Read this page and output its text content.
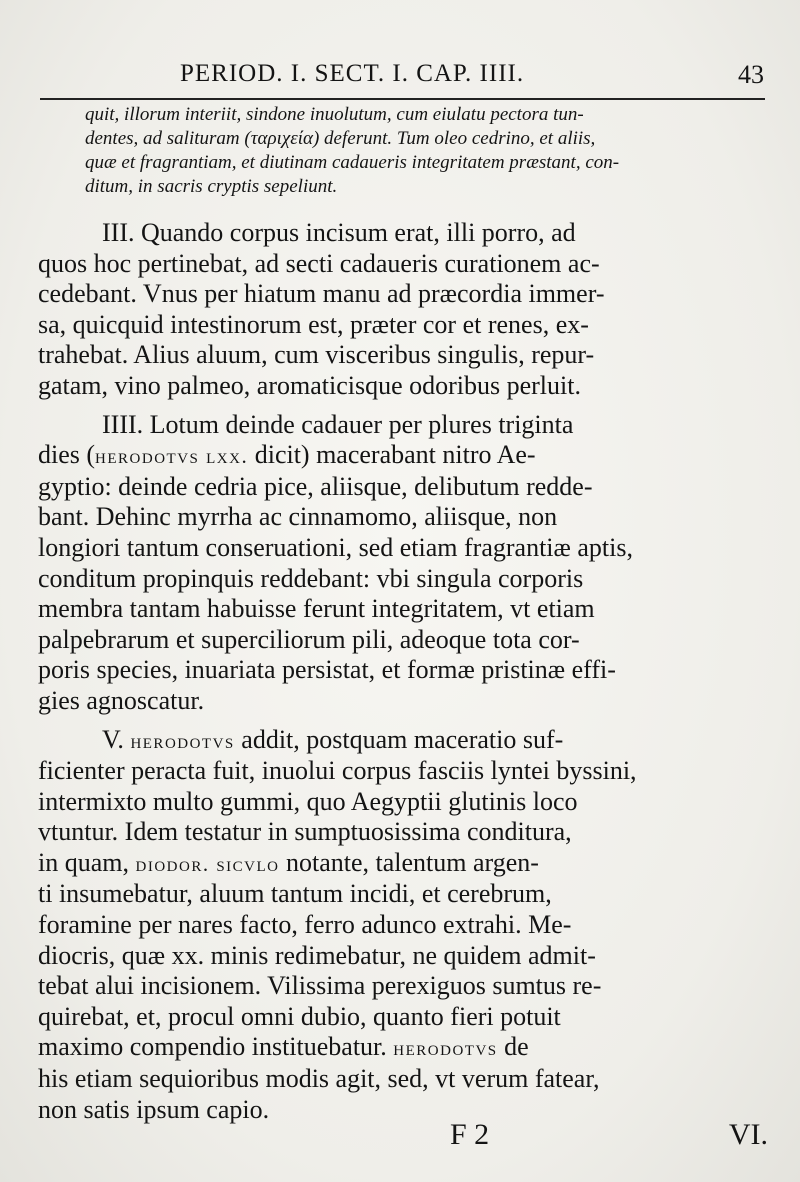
PERIOD. I. SECT. I. CAP. IIII.	43

quit, illorum interiit, sindone inuolutum, cum eiulatu pectora tun-
dentes, ad salituram (ταριχεία) deferunt. Tum oleo cedrino, et aliis,
quæ et fragrantiam, et diutinam cadaueris integritatem præstant, con-
ditum, in sacris cryptis sepeliunt.

III. Quando corpus incisum erat, illi porro, ad
quos hoc pertinebat, ad secti cadaueris curationem ac-
cedebant. Vnus per hiatum manu ad præcordia immer-
sa, quicquid intestinorum est, præter cor et renes, ex-
trahebat. Alius aluum, cum visceribus singulis, repur-
gatam, vino palmeo, aromaticisque odoribus perluit.

IIII. Lotum deinde cadauer per plures triginta
dies (herodotvs lxx. dicit) macerabant nitro Ae-
gyptio: deinde cedria pice, aliisque, delibutum redde-
bant. Dehinc myrrha ac cinnamomo, aliisque, non
longiori tantum conseruationi, sed etiam fragrantiæ aptis,
conditum propinquis reddebant: vbi singula corporis
membra tantam habuisse ferunt integritatem, vt etiam
palpebrarum et superciliorum pili, adeoque tota cor-
poris species, inuariata persistat, et formæ pristinæ effi-
gies agnoscatur.

V. herodotvs addit, postquam maceratio suf-
ficienter peracta fuit, inuolui corpus fasciis lyntei byssini,
intermixto multo gummi, quo Aegyptii glutinis loco
vtuntur. Idem testatur in sumptuosissima conditura,
in quam, diodor. sicvlo notante, talentum argen-
ti insumebatur, aluum tantum incidi, et cerebrum,
foramine per nares facto, ferro adunco extrahi. Me-
diocris, quæ xx. minis redimebatur, ne quidem admit-
tebat alui incisionem. Vilissima perexiguos sumtus re-
quirebat, et, procul omni dubio, quanto fieri potuit
maximo compendio instituebatur. herodotvs de
his etiam sequioribus modis agit, sed, vt verum fatear,
non satis ipsum capio.

F 2	VI.
